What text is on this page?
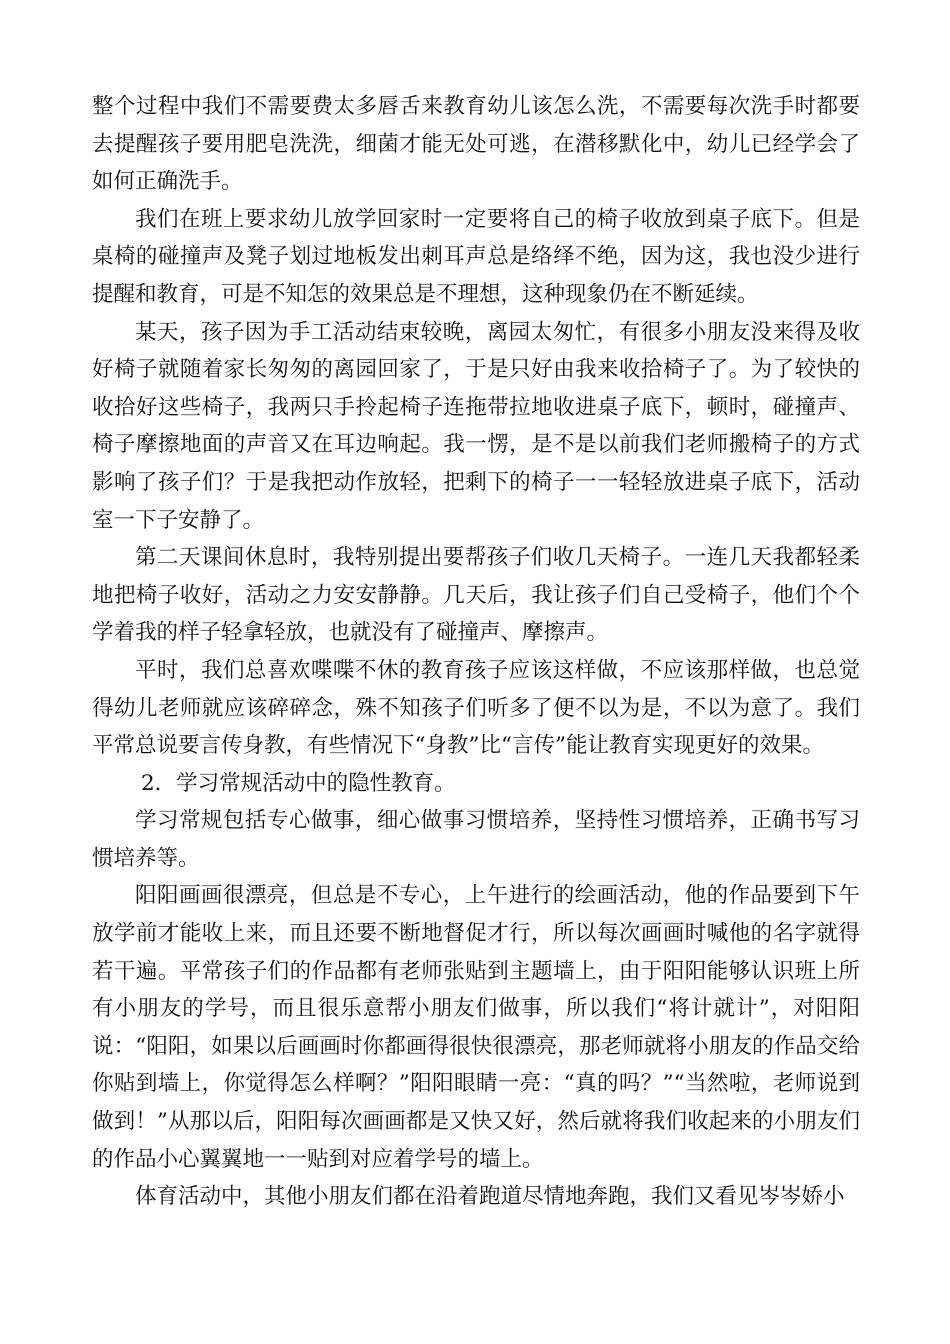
整个过程中我们不需要费太多唇舌来教育幼儿该怎么洗，不需要每次洗手时都要去提醒孩子要用肥皂洗洗，细菌才能无处可逃，在潜移默化中，幼儿已经学会了如何正确洗手。

我们在班上要求幼儿放学回家时一定要将自己的椅子收放到桌子底下。但是桌椅的碰撞声及凳子划过地板发出刺耳声总是络绎不绝，因为这，我也没少进行提醒和教育，可是不知怎的效果总是不理想，这种现象仍在不断延续。

某天，孩子因为手工活动结束较晚，离园太匆忙，有很多小朋友没来得及收好椅子就随着家长匆匆的离园回家了，于是只好由我来收拾椅子了。为了较快的收拾好这些椅子，我两只手拎起椅子连拖带拉地收进桌子底下，顿时，碰撞声、椅子摩擦地面的声音又在耳边响起。我一愣，是不是以前我们老师搬椅子的方式影响了孩子们？于是我把动作放轻，把剩下的椅子一一轻轻放进桌子底下，活动室一下子安静了。

第二天课间休息时，我特别提出要帮孩子们收几天椅子。一连几天我都轻柔地把椅子收好，活动之力安安静静。几天后，我让孩子们自己受椅子，他们个个学着我的样子轻拿轻放，也就没有了碰撞声、摩擦声。

平时，我们总喜欢喋喋不休的教育孩子应该这样做，不应该那样做，也总觉得幼儿老师就应该碎碎念，殊不知孩子们听多了便不以为是，不以为意了。我们平常总说要言传身教，有些情况下“身教”比“言传”能让教育实现更好的效果。

2．学习常规活动中的隐性教育。

学习常规包括专心做事，细心做事习惯培养，坚持性习惯培养，正确书写习惯培养等。

阳阳画画很漂亮，但总是不专心，上午进行的绘画活动，他的作品要到下午放学前才能收上来，而且还要不断地督促才行，所以每次画画时喊他的名字就得若干遍。平常孩子们的作品都有老师张贴到主题墙上，由于阳阳能够认识班上所有小朋友的学号，而且很乐意帮小朋友们做事，所以我们“将计就计”，对阳阳说：“阳阳，如果以后画画时你都画得很快很漂亮，那老师就将小朋友的作品交给你贴到墙上，你觉得怎么样啊？”阳阳眼睛一亮：“真的吗？”“当然啦，老师说到做到！”从那以后，阳阳每次画画都是又快又好，然后就将我们收起来的小朋友们的作品小心翼翼地一一贴到对应着学号的墙上。

体育活动中，其他小朋友们都在沿着跑道尽情地奔跑，我们又看见岑岑娇小
